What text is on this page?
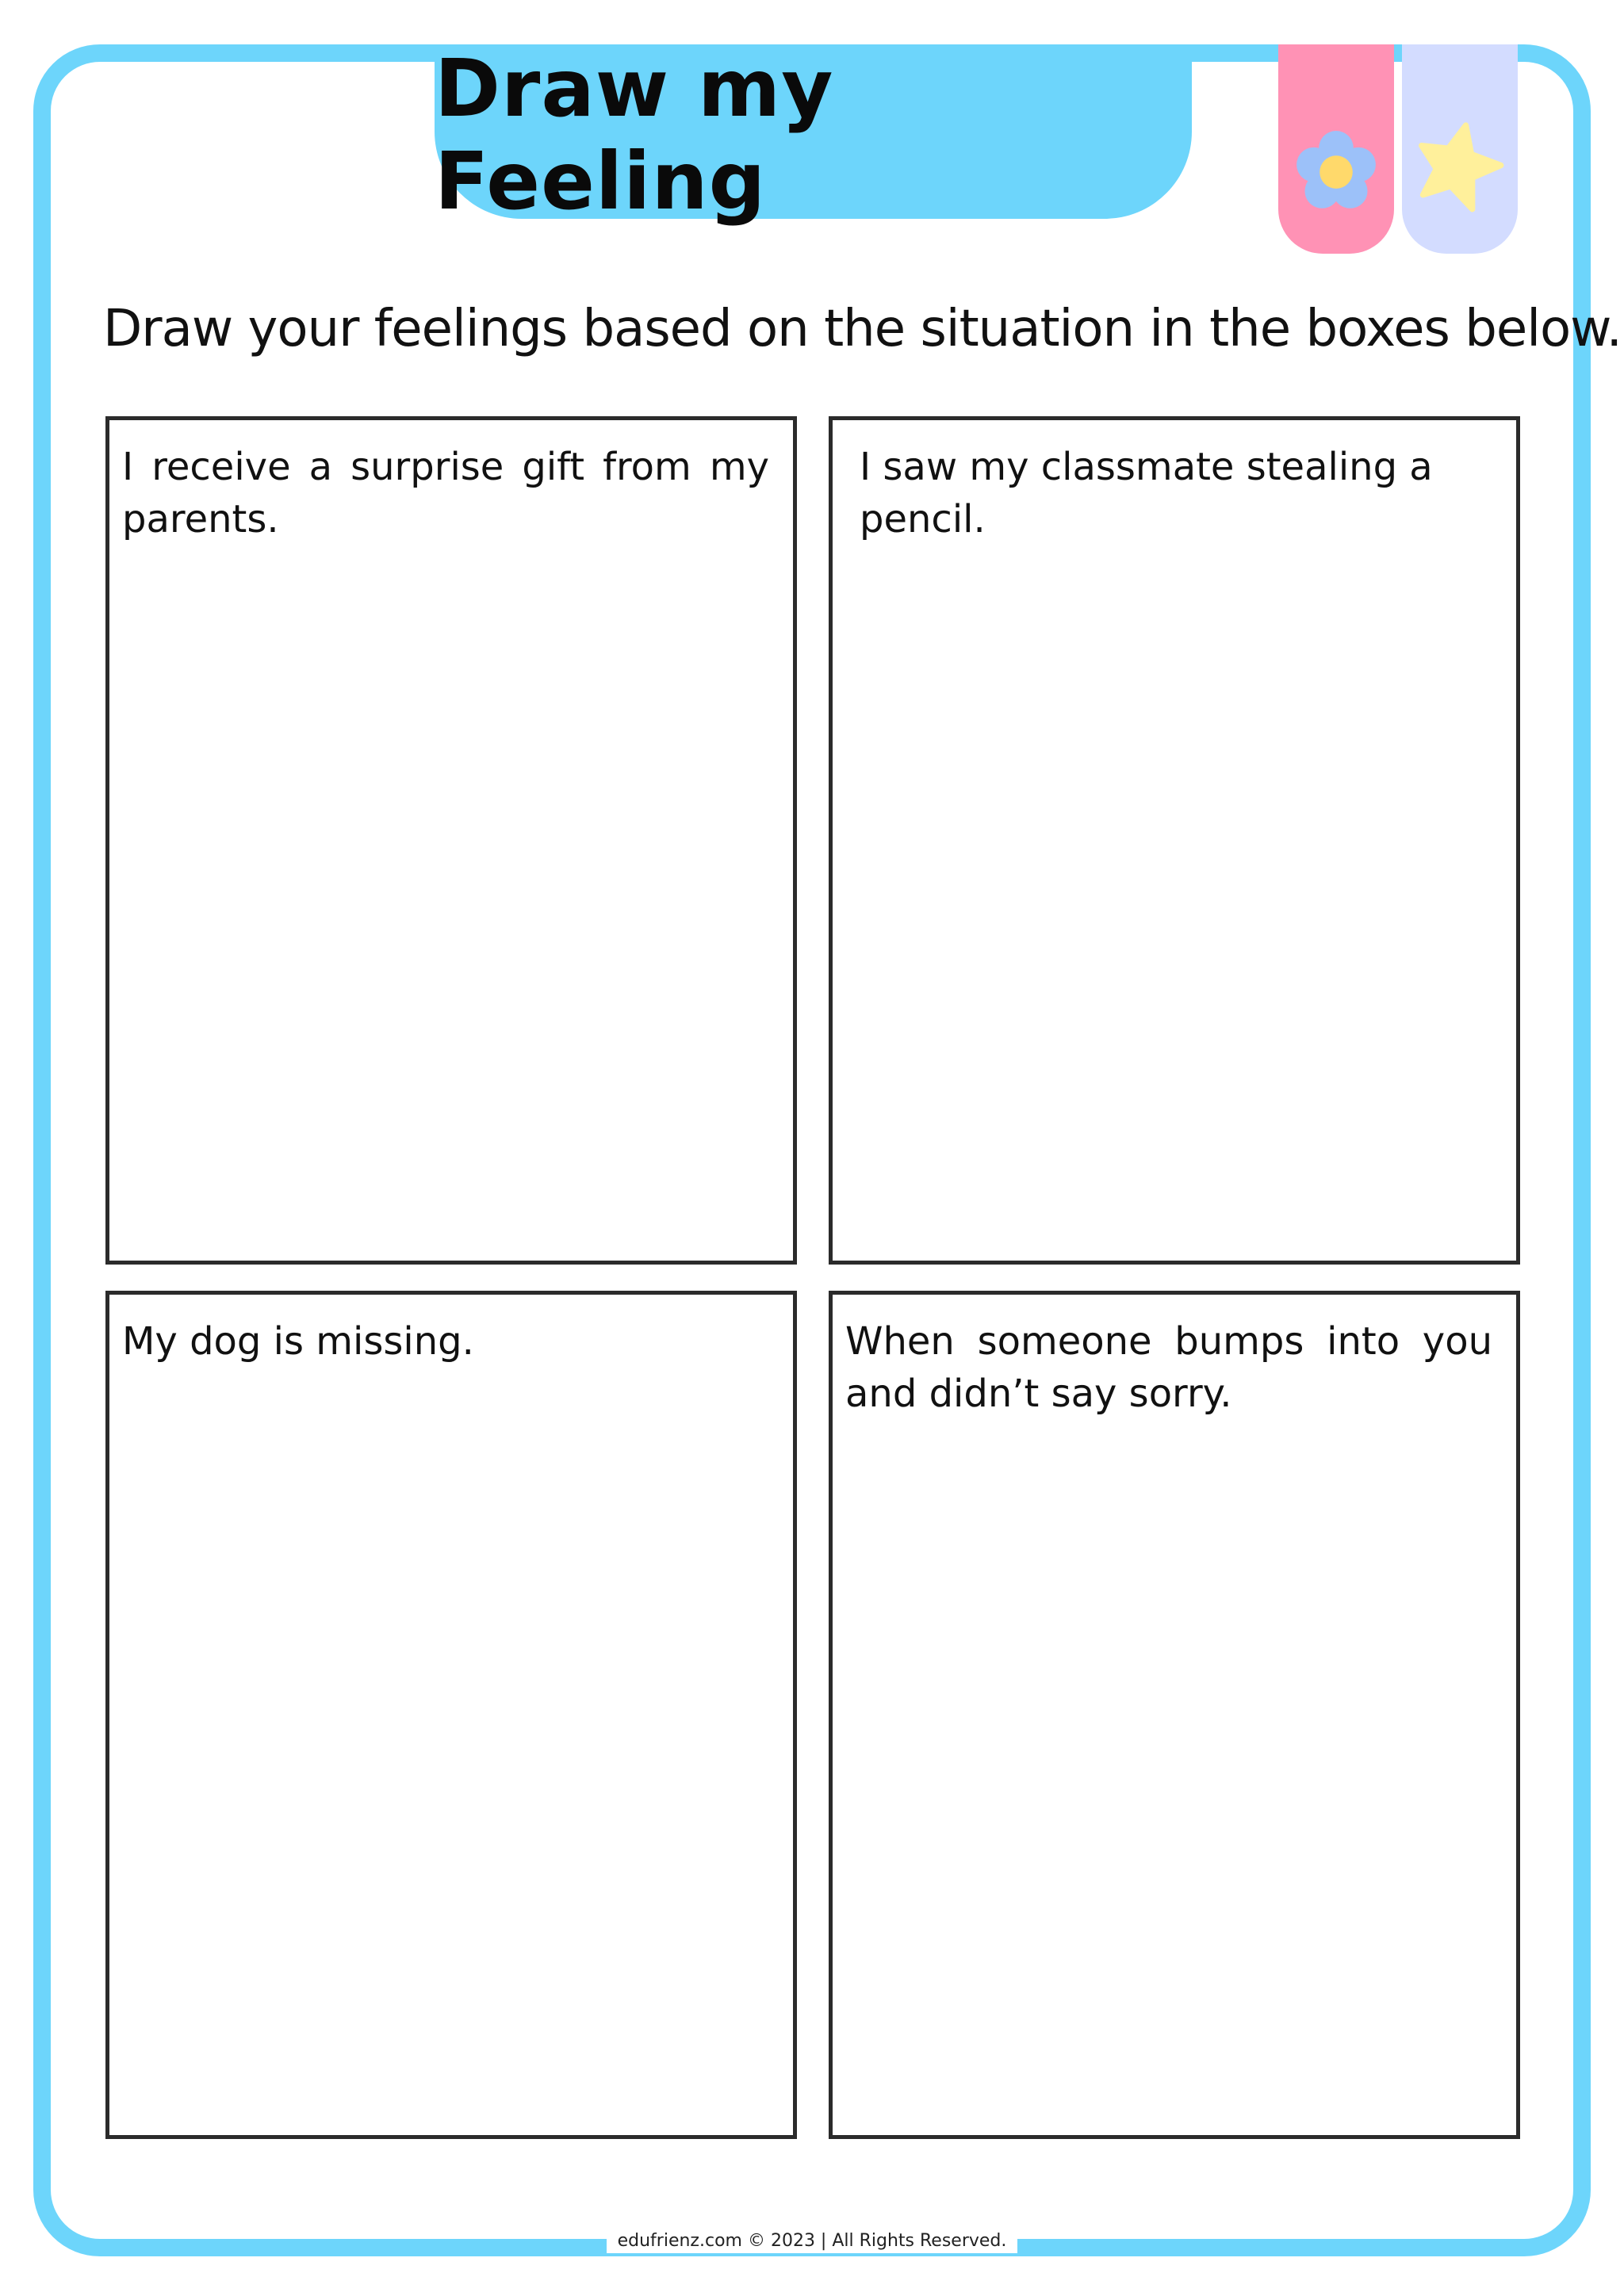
Draw my Feeling

Draw your feelings based on the situation in the boxes below.

I receive a surprise gift from my parents.

I saw my classmate stealing a pencil.

My dog is missing.	When someone bumps into you and didn’t say sorry.

edufrienz.com © 2023 | All Rights Reserved.
